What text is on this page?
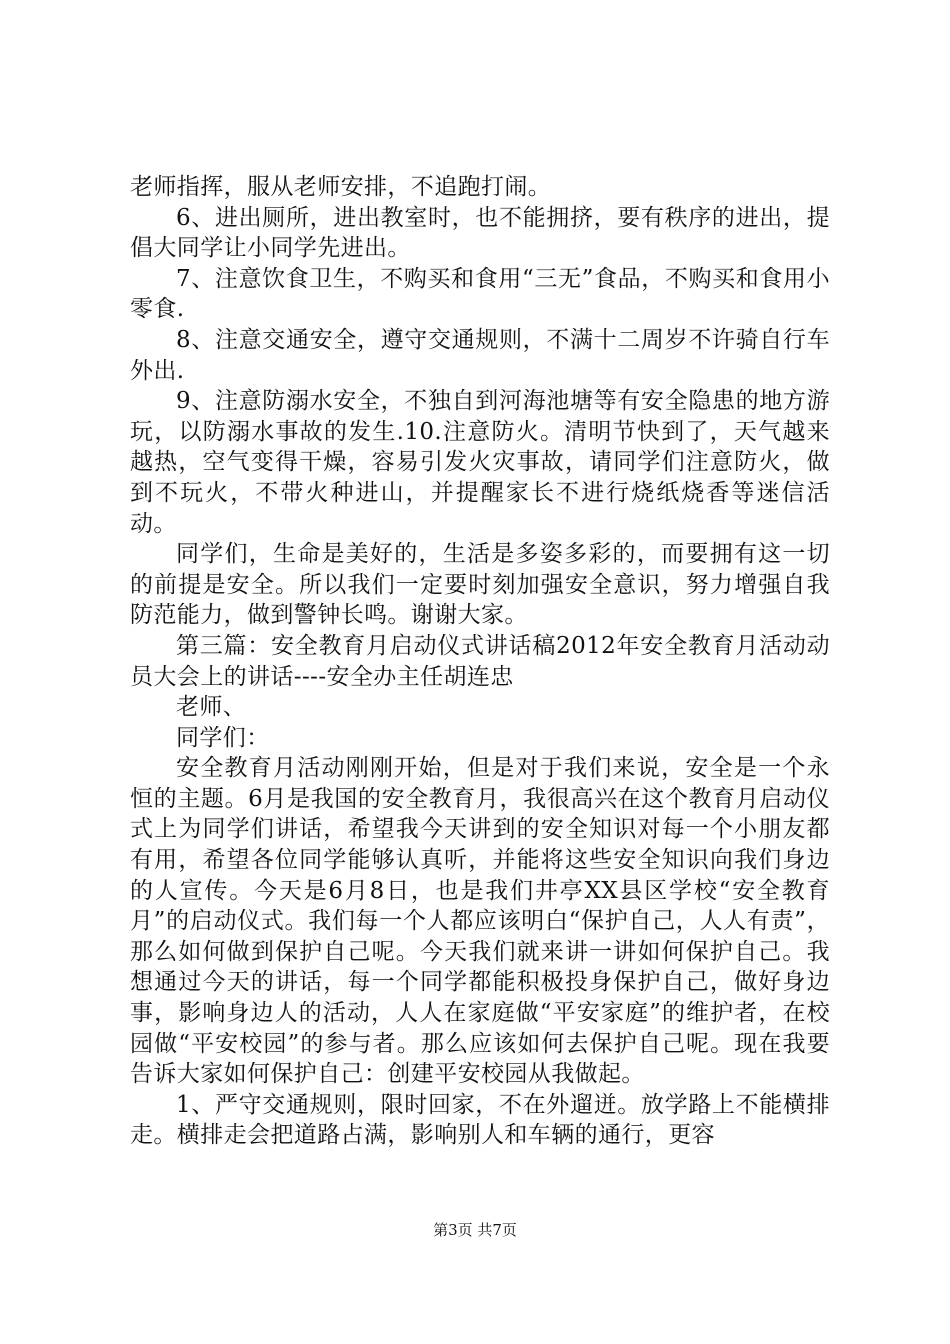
老师指挥，服从老师安排，不追跑打闹。

6、进出厕所，进出教室时，也不能拥挤，要有秩序的进出，提倡大同学让小同学先进出。

7、注意饮食卫生，不购买和食用“三无”食品，不购买和食用小零食.

8、注意交通安全，遵守交通规则，不满十二周岁不许骑自行车外出.

9、注意防溺水安全，不独自到河海池塘等有安全隐患的地方游玩，以防溺水事故的发生.10.注意防火。清明节快到了，天气越来越热，空气变得干燥，容易引发火灾事故，请同学们注意防火，做到不玩火，不带火种进山，并提醒家长不进行烧纸烧香等迷信活动。

同学们，生命是美好的，生活是多姿多彩的，而要拥有这一切的前提是安全。所以我们一定要时刻加强安全意识，努力增强自我防范能力，做到警钟长鸣。谢谢大家。

第三篇：安全教育月启动仪式讲话稿2012年安全教育月活动动员大会上的讲话----安全办主任胡连忠

老师、

同学们：

安全教育月活动刚刚开始，但是对于我们来说，安全是一个永恒的主题。6月是我国的安全教育月，我很高兴在这个教育月启动仪式上为同学们讲话，希望我今天讲到的安全知识对每一个小朋友都有用，希望各位同学能够认真听，并能将这些安全知识向我们身边的人宣传。今天是6月8日，也是我们井亭XX县区学校“安全教育月”的启动仪式。我们每一个人都应该明白“保护自己，人人有责”，那么如何做到保护自己呢。今天我们就来讲一讲如何保护自己。我想通过今天的讲话，每一个同学都能积极投身保护自己，做好身边事，影响身边人的活动，人人在家庭做“平安家庭”的维护者，在校园做“平安校园”的参与者。那么应该如何去保护自己呢。现在我要告诉大家如何保护自己：创建平安校园从我做起。

1、严守交通规则，限时回家，不在外遛迸。放学路上不能横排走。横排走会把道路占满，影响别人和车辆的通行，更容

第3页 共7页
